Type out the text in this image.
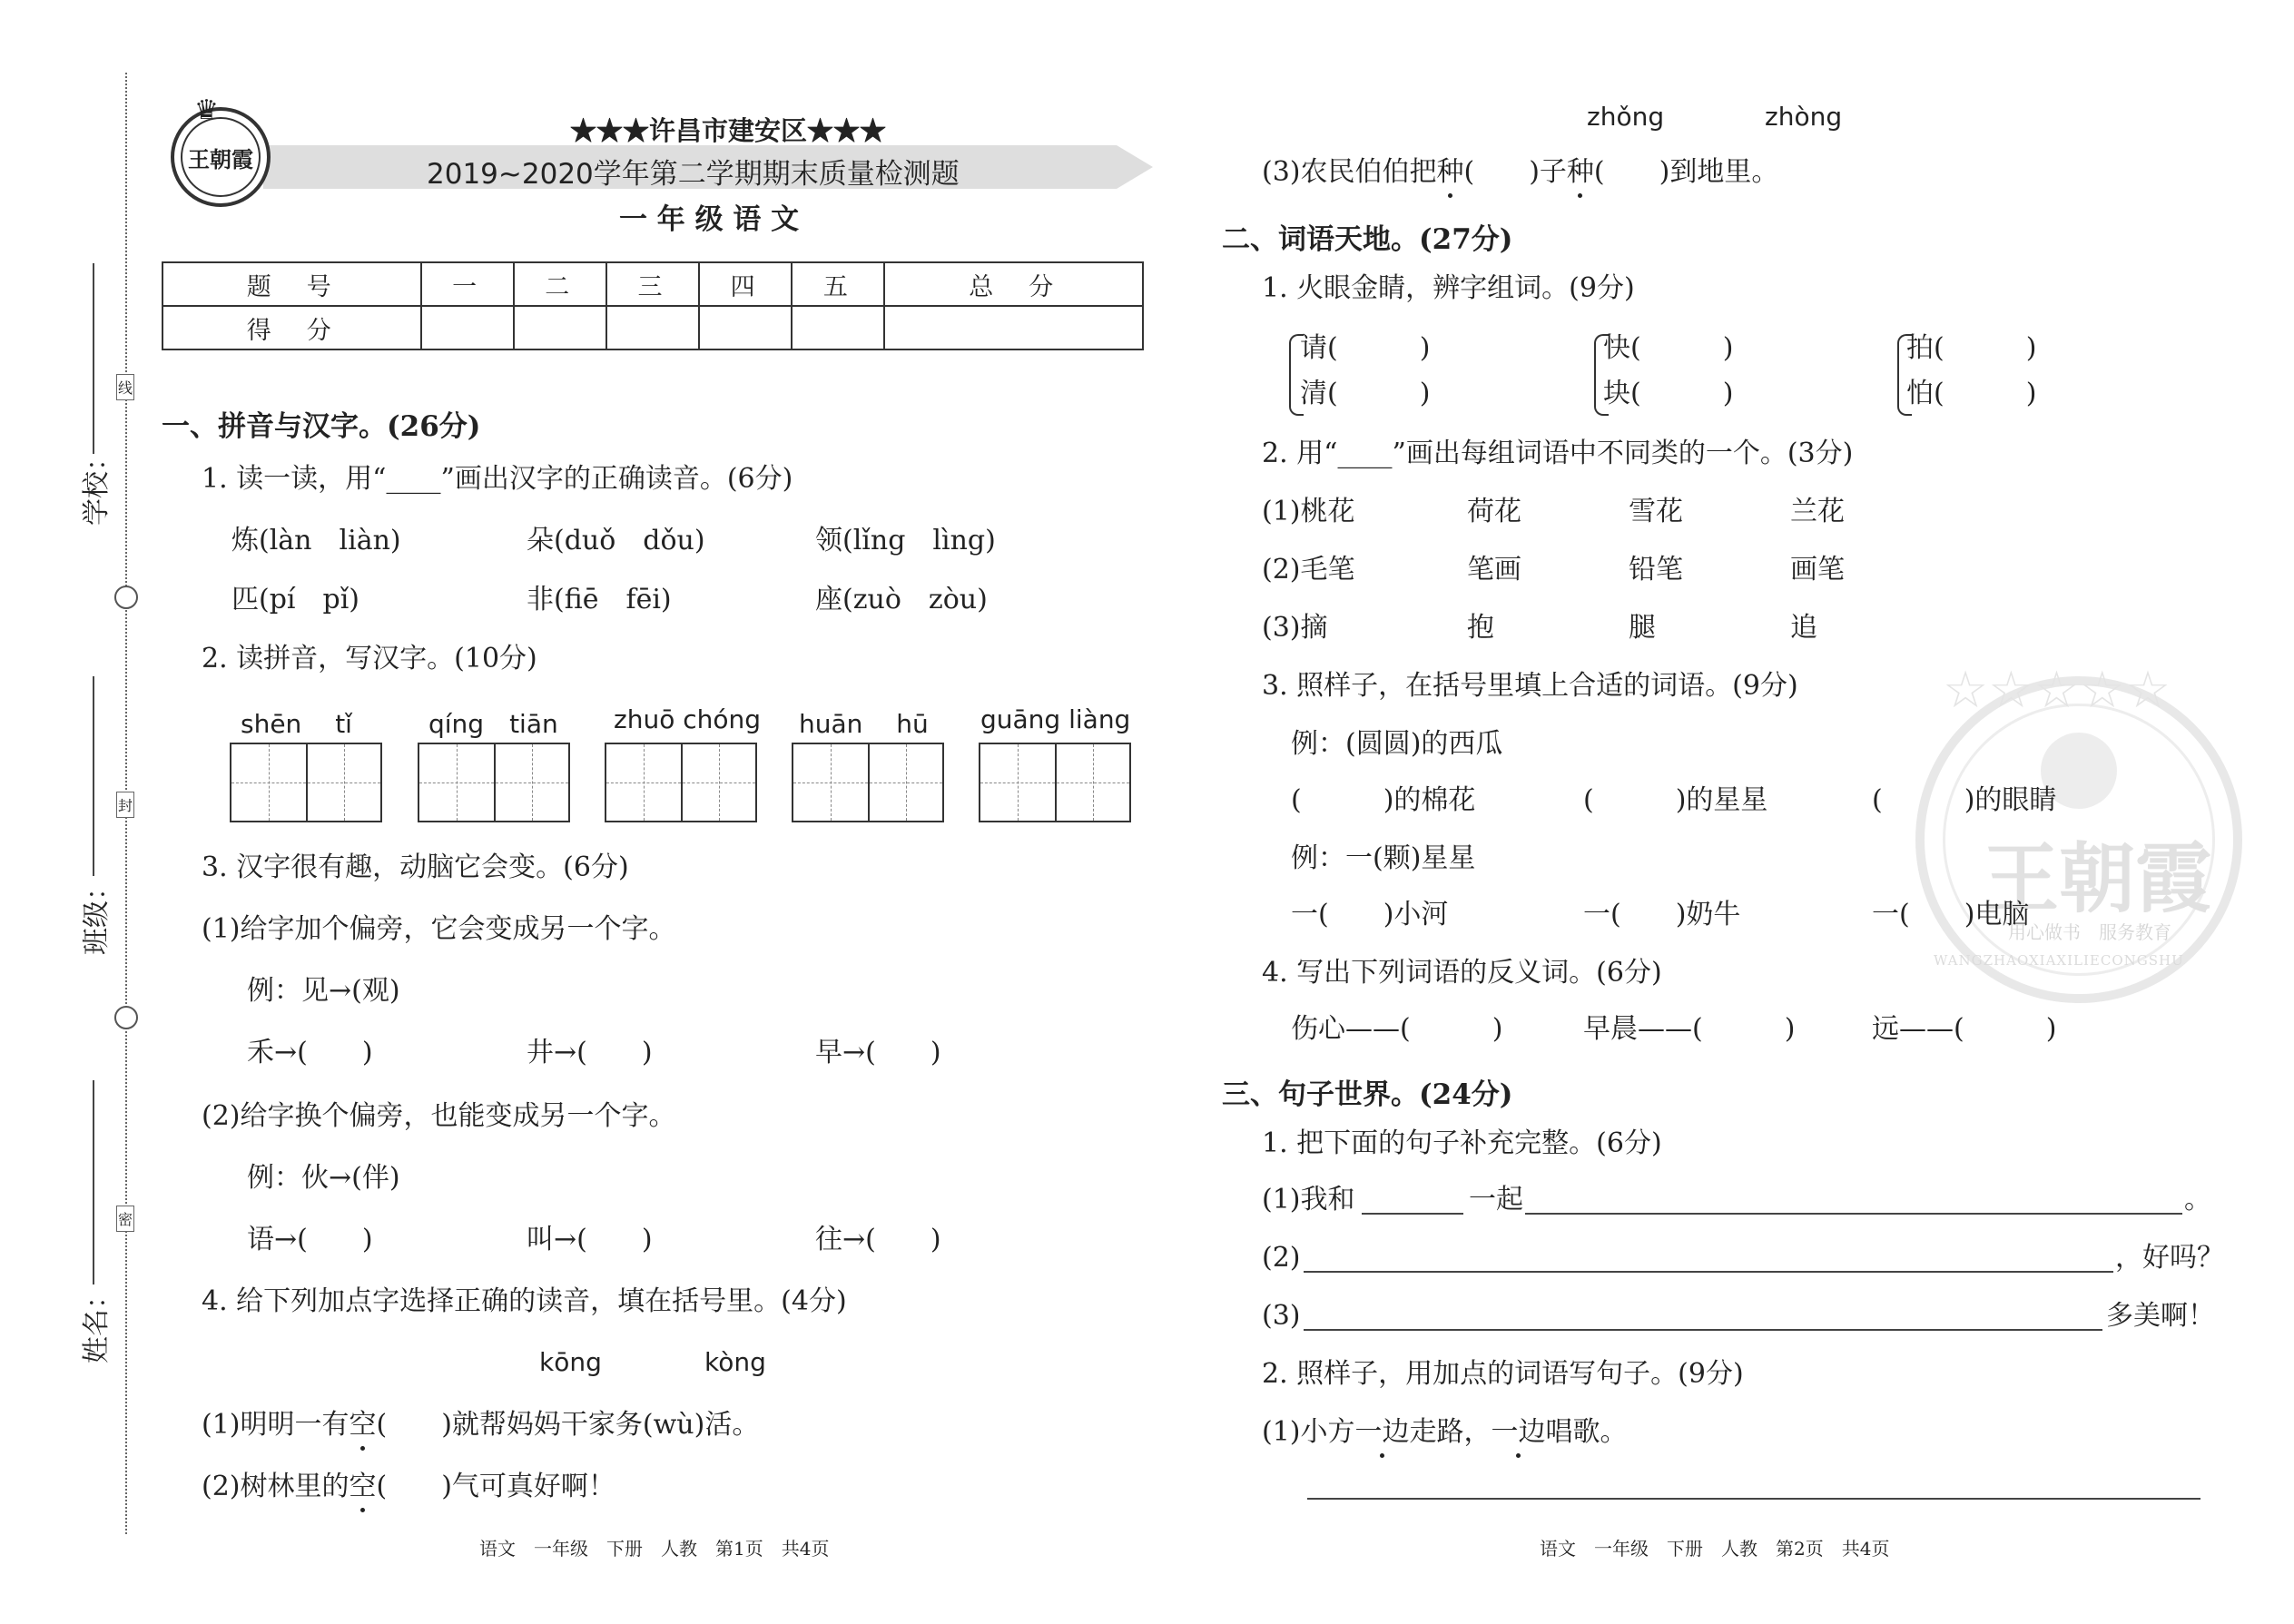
学校：
班级：
姓名：
线
封
密
王朝霞
♛
★★★许昌市建安区★★★
2019~2020学年第二学期期末质量检测题
一 年 级 语 文
题　号	一	二	三	四	五	总　分
得　分						
一、拼音与汉字。(26分)
1. 读一读，用“____”画出汉字的正确读音。(6分)
炼(làn　liàn)	朵(duǒ　dǒu)	领(lǐng　lìng)
匹(pí　pǐ)	非(fiē　fēi)	座(zuò　zòu)
2. 读拼音，写汉字。(10分)
shēn　 tǐ	qíng　tiān zhuō chóng huān　 hū guāng liàng
3. 汉字很有趣，动脑它会变。(6分)
(1)给字加个偏旁，它会变成另一个字。
例：见→(观)
禾→(　　)	井→(　　)	早→(　　)
(2)给字换个偏旁，也能变成另一个字。
例：伙→(伴)
语→(　　)	叫→(　　)	往→(　　)
4. 给下列加点字选择正确的读音，填在括号里。(4分)
kōng	kòng
(1)明明一有空(　　)就帮妈妈干家务(wù)活。
(2)树林里的空(　　)气可真好啊！
语文　一年级　下册　人教　第1页　共4页
王朝霞
用心做书　服务教育
WANGZHAOXIAXILIECONGSHU
☆☆☆☆☆
zhǒng	zhòng
(3)农民伯伯把种(　　)子种(　　)到地里。
二、词语天地。(27分)
1. 火眼金睛，辨字组词。(9分)
请(　　　)
清(　　　)
快(　　　)
块(　　　)
拍(　　　)
怕(　　　)
2. 用“____”画出每组词语中不同类的一个。(3分)
(1)桃花	荷花	雪花	兰花
(2)毛笔	笔画	铅笔	画笔
(3)摘	抱	腿	追
3. 照样子，在括号里填上合适的词语。(9分)
例：(圆圆)的西瓜
(　　　)的棉花	(　　　)的星星	(　　　)的眼睛
例：一(颗)星星
一(　　)小河	一(　　)奶牛	一(　　)电脑
4. 写出下列词语的反义词。(6分)
伤心——(　　　)	早晨——(　　　)	远——(　　　)
三、句子世界。(24分)
1. 把下面的句子补充完整。(6分)
(1)我和	一起	。
(2)	，好吗？
(3)	多美啊！
2. 照样子，用加点的词语写句子。(9分)
(1)小方一边走路，一边唱歌。
语文　一年级　下册　人教　第2页　共4页
